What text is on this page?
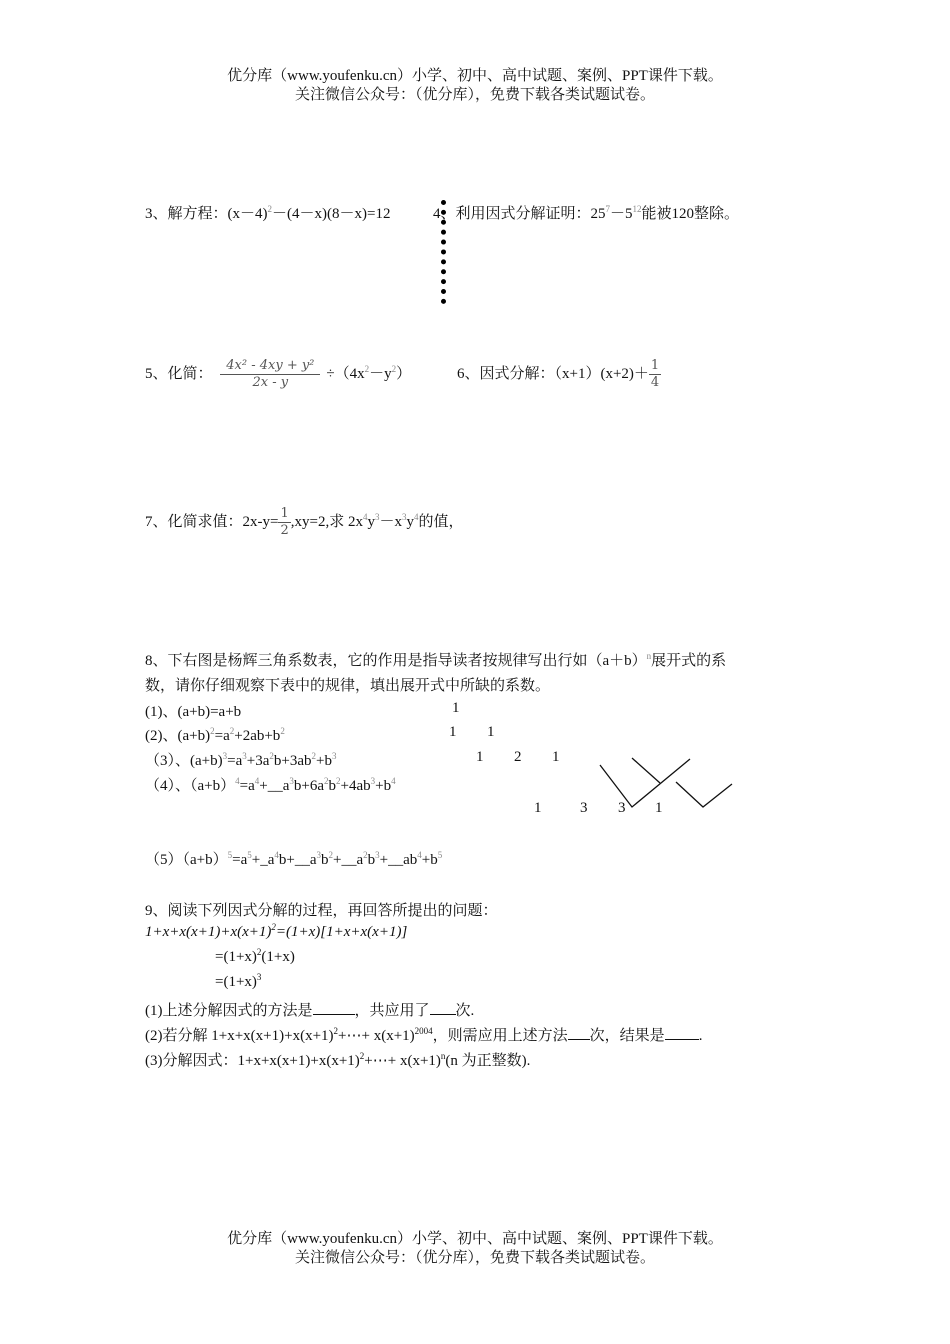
优分库（www.youfenku.cn）小学、初中、高中试题、案例、PPT课件下载。
关注微信公众号：（优分库），免费下载各类试题试卷。
3、解方程：$(x-4)^2-(4-x)(8-x)=12$	4、利用因式分解证明：$25^7-5^{12}$能被120整除。
5、化简： $\frac{\text{4x² - 4xy + y²}}{2x - y} \div(4x^2-y^2)$	6、因式分解：$(x+1)(x+2)+ \frac{1}{4}$
7、化简求值：$2x-y= \frac{1}{2} ,xy=2$,求 $2x^4y^3-x^3y^4$的值，
8、下右图是杨辉三角系数表，它的作用是指导读者按规律写出行如$(a+b)^n$展开式的系
数，请你仔细观察下表中的规律，填出展开式中所缺的系数。
(1)、(a+b)=a+b
(2)、$(a+b)^2=a^2+2ab+b^2$
（3）、$(a+b)^3=a^3+3a^2b+3ab^2+b^3$
（4）、$(a+b)^4=a^4+\_\_a^3b+6a^2b^2+4ab^3+b^4$
$(5)(a+b)^5=a^5+\_a^4b+\_\_a^3b^2+\_\_a^2b^3+\_\_ab^4+b^5$
1
1 1
1 2 1
1	3 3 1
9、阅读下列因式分解的过程，再回答所提出的问题：
$1+x+x(x+1)+x(x+1)^2=(1+x)[1+x+x(x+1)]$
$=(1+x)^2(1+x)$
$=(1+x)^3$
(1)上述分解因式的方法是	，共应用了 次.
(2)若分解 $1+x+x(x+1)+x(x+1)^2+\cdots+ x(x+1)^{2004}$，则需应用上述方法 次，结果是 .
(3)分解因式：$1+x+x(x+1)+x(x+1)^2+\cdots+ x(x+1)^n(n$ 为正整数).
优分库（www.youfenku.cn）小学、初中、高中试题、案例、PPT课件下载。
关注微信公众号：（优分库），免费下载各类试题试卷。
